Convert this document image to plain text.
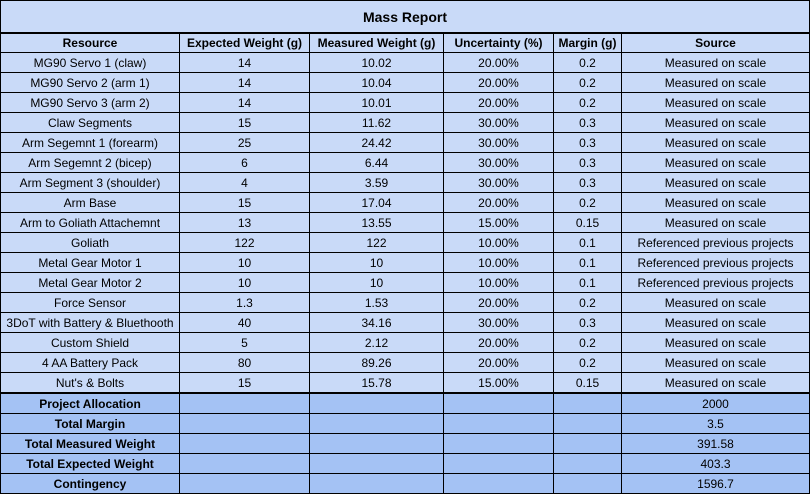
Mass Report					
Resource	Expected Weight (g)	Measured Weight (g)	Uncertainty (%)	Margin (g)	Source
MG90 Servo 1 (claw)	14	10.02	20.00%	0.2	Measured on scale
MG90 Servo 2 (arm 1)	14	10.04	20.00%	0.2	Measured on scale
MG90 Servo 3 (arm 2)	14	10.01	20.00%	0.2	Measured on scale
Claw Segments	15	11.62	30.00%	0.3	Measured on scale
Arm Segemnt 1 (forearm)	25	24.42	30.00%	0.3	Measured on scale
Arm Segemnt 2 (bicep)	6	6.44	30.00%	0.3	Measured on scale
Arm Segment 3 (shoulder)	4	3.59	30.00%	0.3	Measured on scale
Arm Base	15	17.04	20.00%	0.2	Measured on scale
Arm to Goliath Attachemnt	13	13.55	15.00%	0.15	Measured on scale
Goliath	122	122	10.00%	0.1	Referenced previous projects
Metal Gear Motor 1	10	10	10.00%	0.1	Referenced previous projects
Metal Gear Motor 2	10	10	10.00%	0.1	Referenced previous projects
Force Sensor	1.3	1.53	20.00%	0.2	Measured on scale
3DoT with Battery & Bluethooth	40	34.16	30.00%	0.3	Measured on scale
Custom Shield	5	2.12	20.00%	0.2	Measured on scale
4 AA Battery Pack	80	89.26	20.00%	0.2	Measured on scale
Nut's & Bolts	15	15.78	15.00%	0.15	Measured on scale
Project Allocation					2000
Total Margin					3.5
Total Measured Weight					391.58
Total Expected Weight					403.3
Contingency					1596.7
